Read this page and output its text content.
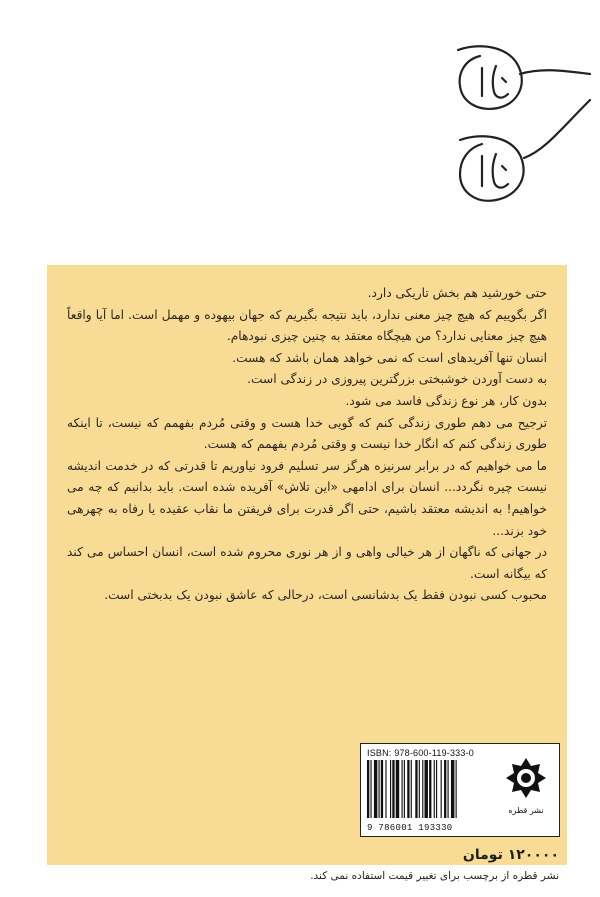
حتی خورشید هم بخش تاریکی دارد.

اگر بگوییم که هیچ چیز معنی ندارد، باید نتیجه بگیریم که جهان بیهوده و مهمل است. اما آیا واقعاً هیچ چیز معنایی ندارد؟ من هیچگاه معتقد به چنین چیزی نبودهام.

انسان تنها آفریدهای است که نمی خواهد همان باشد که هست.

به دست آوردن خوشبختی بزرگترین پیروزی در زندگی است.

بدون کار، هر نوع زندگی فاسد می شود.

ترجیح می دهم طوری زندگی کنم که گویی خدا هست و وقتی مُردم بفهمم که نیست، تا اینکه طوری زندگی کنم که انگار خدا نیست و وقتی مُردم بفهمم که هست.

ما می خواهیم که در برابر سرنیزه هرگز سر تسلیم فرود نیاوریم تا قدرتی که در خدمت اندیشه نیست چیره نگردد... انسان برای ادامهی «این تلاش» آفریده شده است. باید بدانیم که چه می خواهیم! به اندیشه معتقد باشیم، حتی اگر قدرت برای فریفتن ما نقاب عقیده یا رفاه به چهرهی خود بزند...

در جهانی که ناگهان از هر خیالی واهی و از هر نوری محروم شده است، انسان احساس می کند که بیگانه است.

محبوب کسی نبودن فقط یک بدشانسی است، درحالی که عاشق نبودن یک بدبختی است.

ISBN: 978-600-119-333-0
9 786001 193330
نشر قطره
۱۲۰۰۰۰ تومان
نشر قطره از برچسب برای تغییر قیمت استفاده نمی کند.
